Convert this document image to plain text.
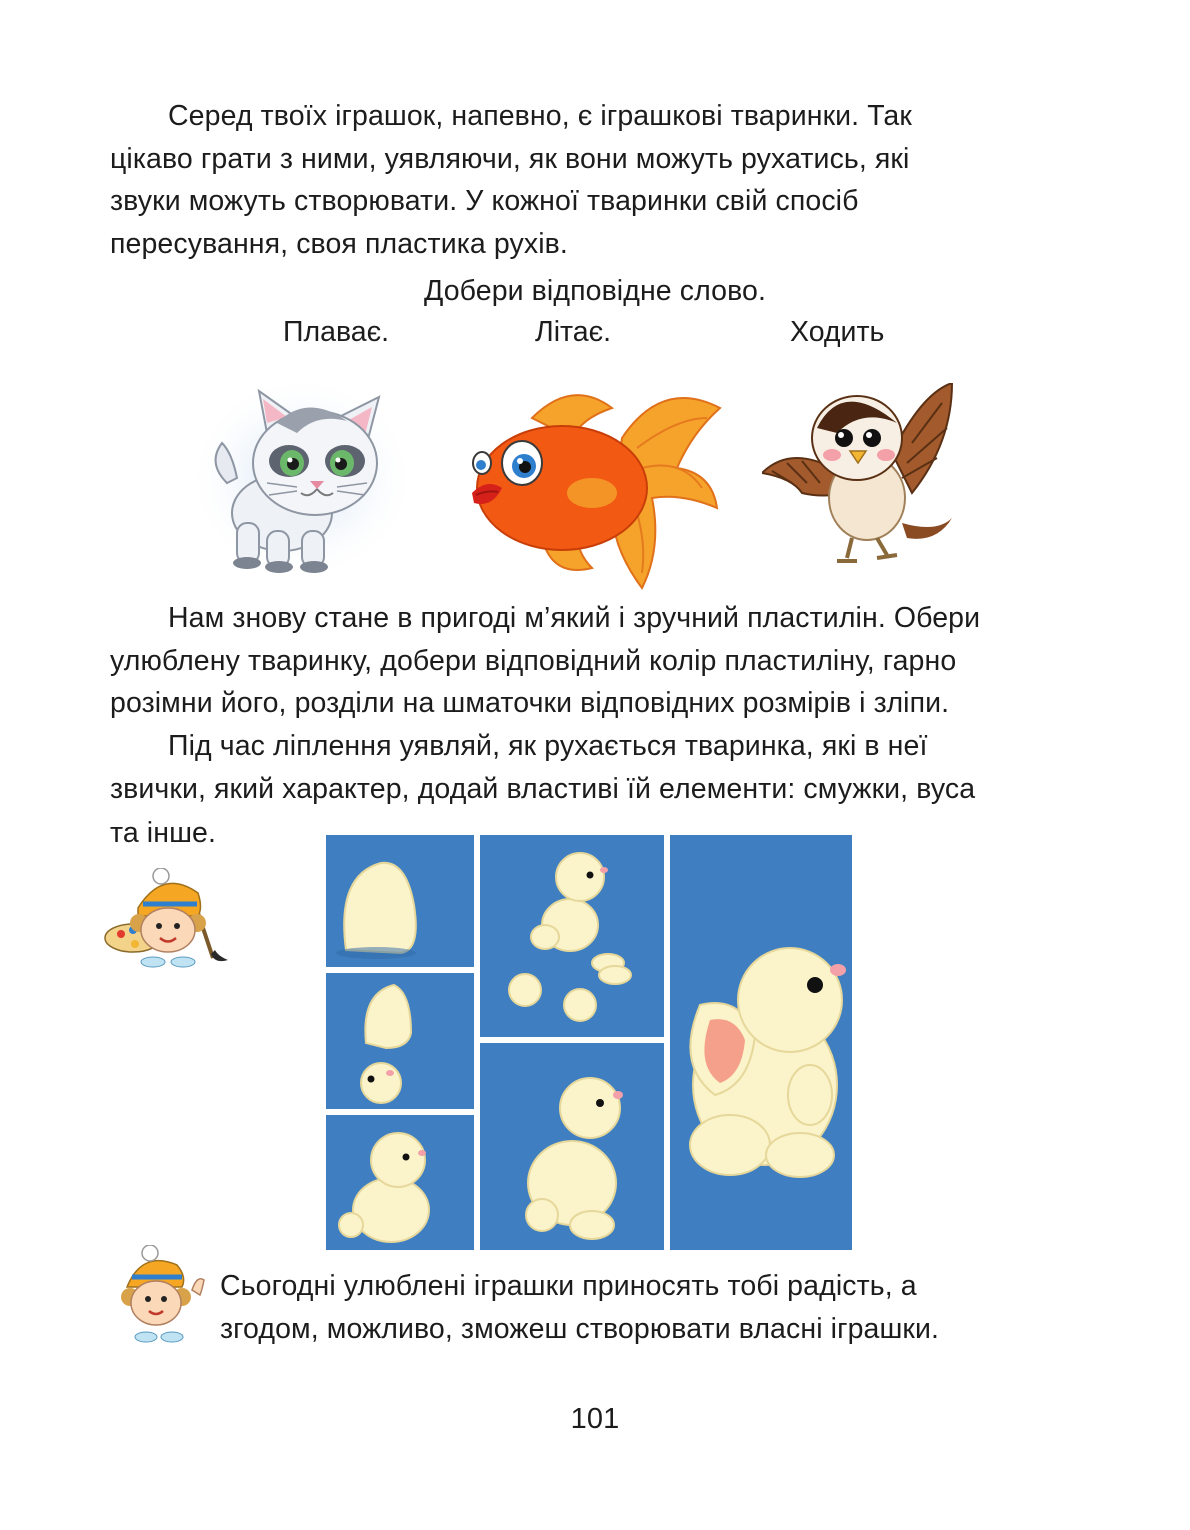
Серед твоїх іграшок, напевно, є іграшкові тваринки. Так

цікаво грати з ними, уявляючи, як вони можуть рухатись, які

звуки можуть створювати. У кожної тваринки свій спосіб

пересування, своя пластика рухів.

Добери відповідне слово.
Плаває.	Літає.	Ходить

Нам знову стане в пригоді м’який і зручний пластилін. Обери

улюблену тваринку, добери відповідний колір пластиліну, гарно

розімни його, розділи на шматочки відповідних розмірів і зліпи.

Під час ліплення уявляй, як рухається тваринка, які в неї

звички, який характер, додай властиві їй елементи: смужки, вуса

та інше.

Сьогодні улюблені іграшки приносять тобі радість, а

згодом, можливо, зможеш створювати власні іграшки.

101
